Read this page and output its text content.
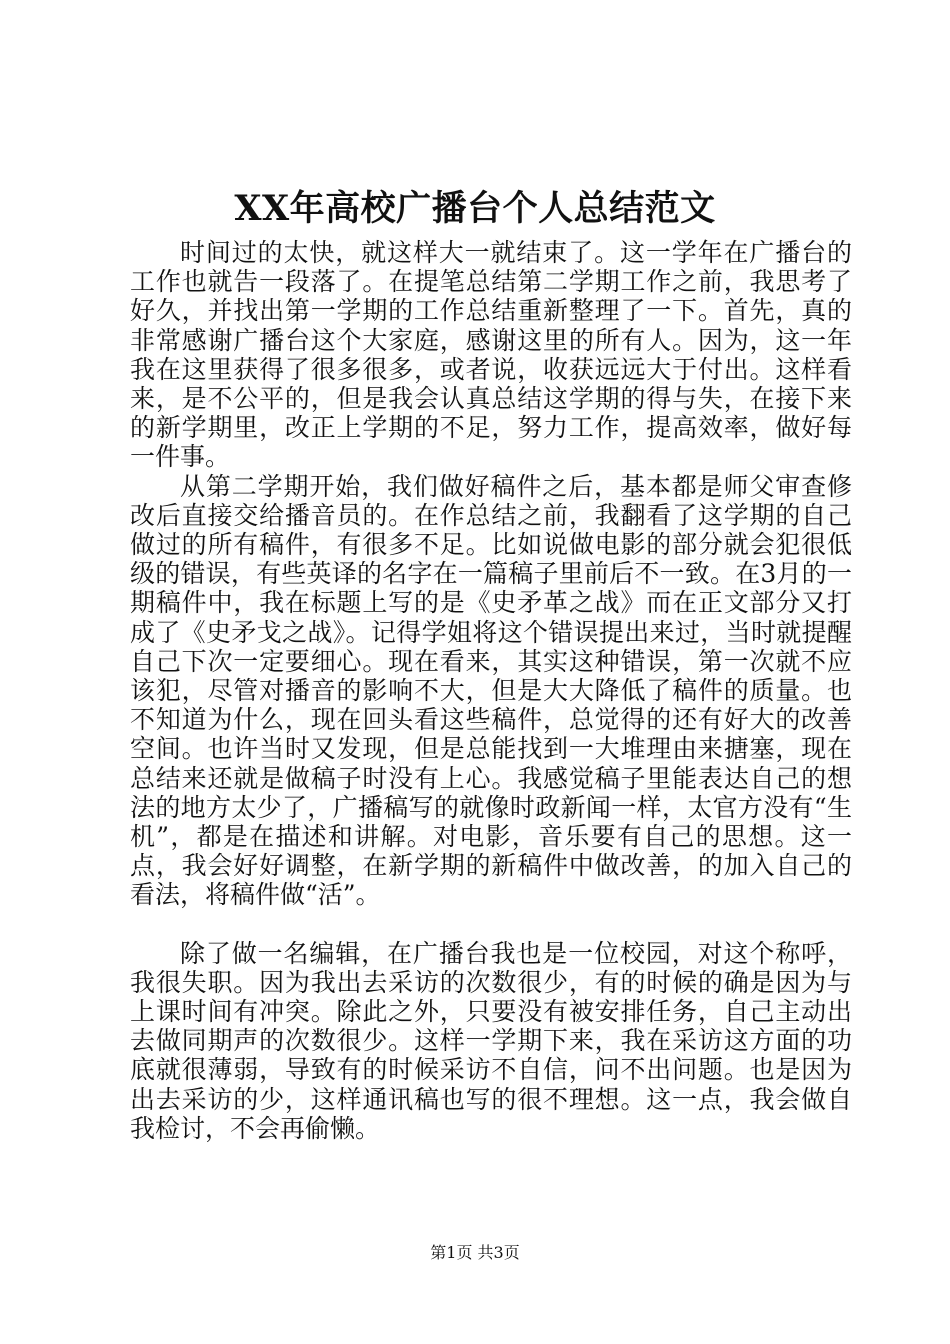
XX年高校广播台个人总结范文

时间过的太快，就这样大一就结束了。这一学年在广播台的工作也就告一段落了。在提笔总结第二学期工作之前，我思考了好久，并找出第一学期的工作总结重新整理了一下。首先，真的非常感谢广播台这个大家庭，感谢这里的所有人。因为，这一年我在这里获得了很多很多，或者说，收获远远大于付出。这样看来，是不公平的，但是我会认真总结这学期的得与失，在接下来的新学期里，改正上学期的不足，努力工作，提高效率，做好每一件事。

从第二学期开始，我们做好稿件之后，基本都是师父审查修改后直接交给播音员的。在作总结之前，我翻看了这学期的自己做过的所有稿件，有很多不足。比如说做电影的部分就会犯很低级的错误，有些英译的名字在一篇稿子里前后不一致。在3月的一期稿件中，我在标题上写的是《史矛革之战》而在正文部分又打成了《史矛戈之战》。记得学姐将这个错误提出来过，当时就提醒自己下次一定要细心。现在看来，其实这种错误，第一次就不应该犯，尽管对播音的影响不大，但是大大降低了稿件的质量。也不知道为什么，现在回头看这些稿件，总觉得的还有好大的改善空间。也许当时又发现，但是总能找到一大堆理由来搪塞，现在总结来还就是做稿子时没有上心。我感觉稿子里能表达自己的想法的地方太少了，广播稿写的就像时政新闻一样，太官方没有“生机”，都是在描述和讲解。对电影，音乐要有自己的思想。这一点，我会好好调整，在新学期的新稿件中做改善，的加入自己的看法，将稿件做“活”。

除了做一名编辑，在广播台我也是一位校园，对这个称呼，我很失职。因为我出去采访的次数很少，有的时候的确是因为与上课时间有冲突。除此之外，只要没有被安排任务，自己主动出去做同期声的次数很少。这样一学期下来，我在采访这方面的功底就很薄弱，导致有的时候采访不自信，问不出问题。也是因为出去采访的少，这样通讯稿也写的很不理想。这一点，我会做自我检讨，不会再偷懒。

第1页 共3页
